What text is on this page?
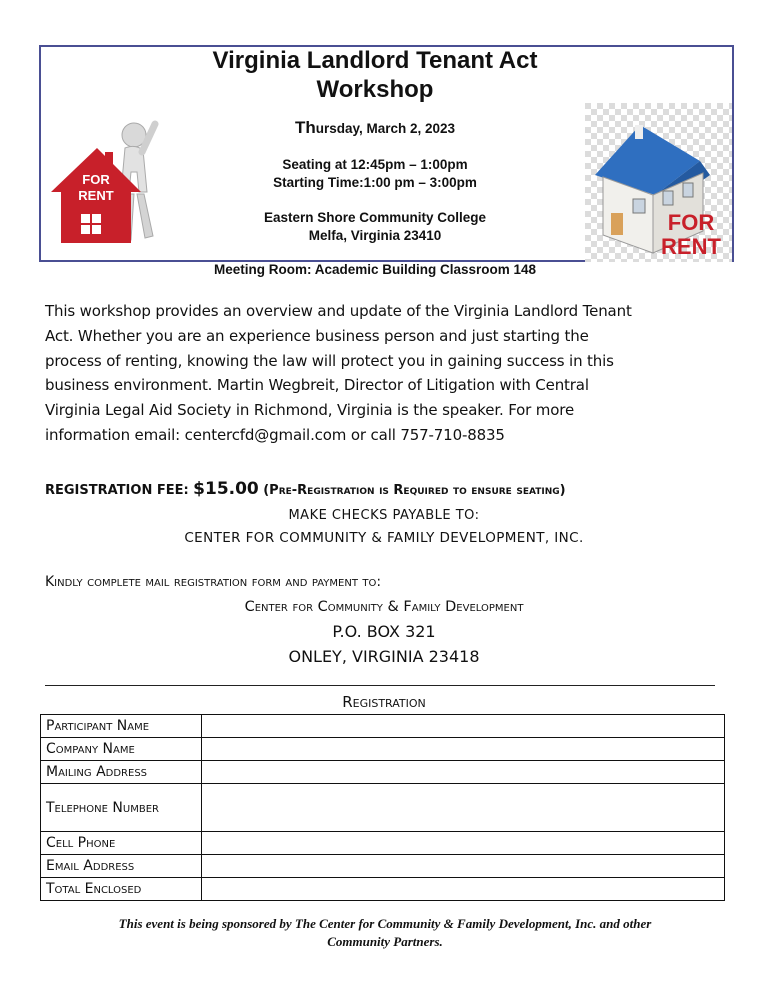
FOR
RENT
FOR
RENT
Virginia Landlord Tenant Act
Workshop
Thursday, March 2, 2023
Seating at 12:45pm – 1:00pm
Starting Time:1:00 pm – 3:00pm
Eastern Shore Community College
Melfa, Virginia 23410
Meeting Room: Academic Building Classroom 148
This workshop provides an overview and update of the Virginia Landlord Tenant
Act. Whether you are an experience business person and just starting the
process of renting, knowing the law will protect you in gaining success in this
business environment. Martin Wegbreit, Director of Litigation with Central
Virginia Legal Aid Society in Richmond, Virginia is the speaker. For more
information email: centercfd@gmail.com or call 757-710-8835
REGISTRATION FEE: $15.00 (Pre-Registration is Required to ensure seating)
MAKE CHECKS PAYABLE TO:
CENTER FOR COMMUNITY & FAMILY DEVELOPMENT, INC.
Kindly complete mail registration form and payment to:
Center for Community & Family Development
P.O. BOX 321
ONLEY, VIRGINIA 23418
Registration
Participant Name	
Company Name	
Mailing Address	
Telephone Number	
Cell Phone	
Email Address	
Total Enclosed	
This event is being sponsored by The Center for Community & Family Development, Inc. and other
Community Partners.
